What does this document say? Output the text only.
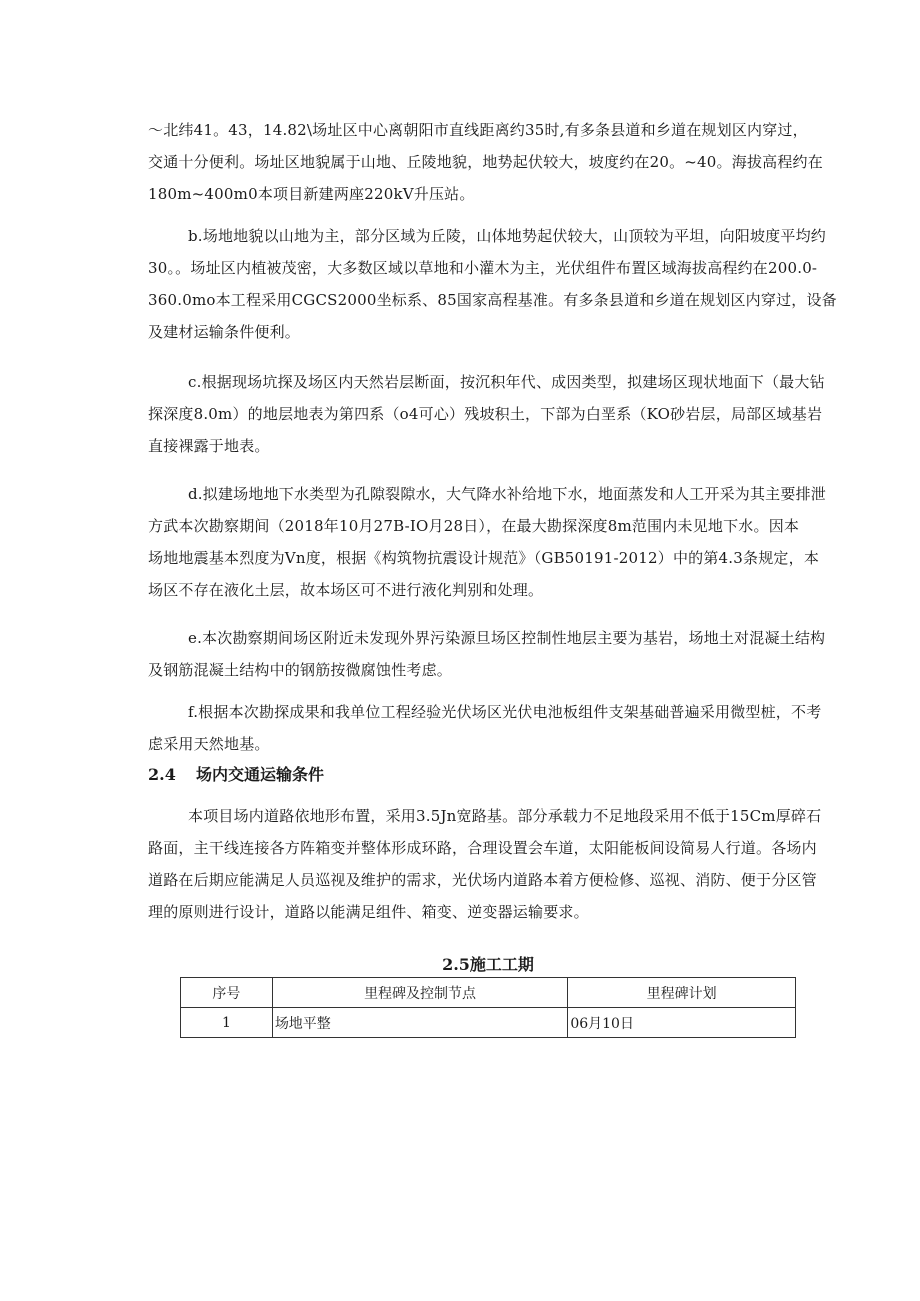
～北纬41。43，14.82\场址区中心离朝阳市直线距离约35时,有多条县道和乡道在规划区内穿过，
交通十分便利。场址区地貌属于山地、丘陵地貌，地势起伏较大，坡度约在20。~40。海拔高程约在
180m~400m0本项目新建两座220kV升压站。

b.场地地貌以山地为主，部分区域为丘陵，山体地势起伏较大，山顶较为平坦，向阳坡度平均约
30。。场址区内植被茂密，大多数区域以草地和小灌木为主，光伏组件布置区域海拔高程约在200.0-
360.0mo本工程采用CGCS2000坐标系、85国家高程基准。有多条县道和乡道在规划区内穿过，设备
及建材运输条件便利。

c.根据现场坑探及场区内天然岩层断面，按沉积年代、成因类型，拟建场区现状地面下（最大钻
探深度8.0m）的地层地表为第四系（o4可心）残坡积土，下部为白垩系（KO砂岩层，局部区域基岩
直接裸露于地表。

d.拟建场地地下水类型为孔隙裂隙水，大气降水补给地下水，地面蒸发和人工开采为其主要排泄
方武本次勘察期间（2018年10月27B-IO月28日），在最大勘探深度8m范围内未见地下水。因本
场地地震基本烈度为Vn度，根据《构筑物抗震设计规范》（GB50191-2012）中的第4.3条规定，本
场区不存在液化土层，故本场区可不进行液化判别和处理。

e.本次勘察期间场区附近未发现外界污染源旦场区控制性地层主要为基岩，场地土对混凝土结构
及钢筋混凝土结构中的钢筋按微腐蚀性考虑。

f.根据本次勘探成果和我单位工程经验光伏场区光伏电池板组件支架基础普遍采用微型桩，不考
虑采用天然地基。

2.4 场内交通运输条件

本项目场内道路依地形布置，采用3.5Jn宽路基。部分承载力不足地段采用不低于15Cm厚碎石
路面，主干线连接各方阵箱变并整体形成环路，合理设置会车道，太阳能板间设简易人行道。各场内
道路在后期应能满足人员巡视及维护的需求，光伏场内道路本着方便检修、巡视、消防、便于分区管
理的原则进行设计，道路以能满足组件、箱变、逆变器运输要求。

2.5施工工期
序号	里程碑及控制节点	里程碑计划
1	场地平整	06月10日
